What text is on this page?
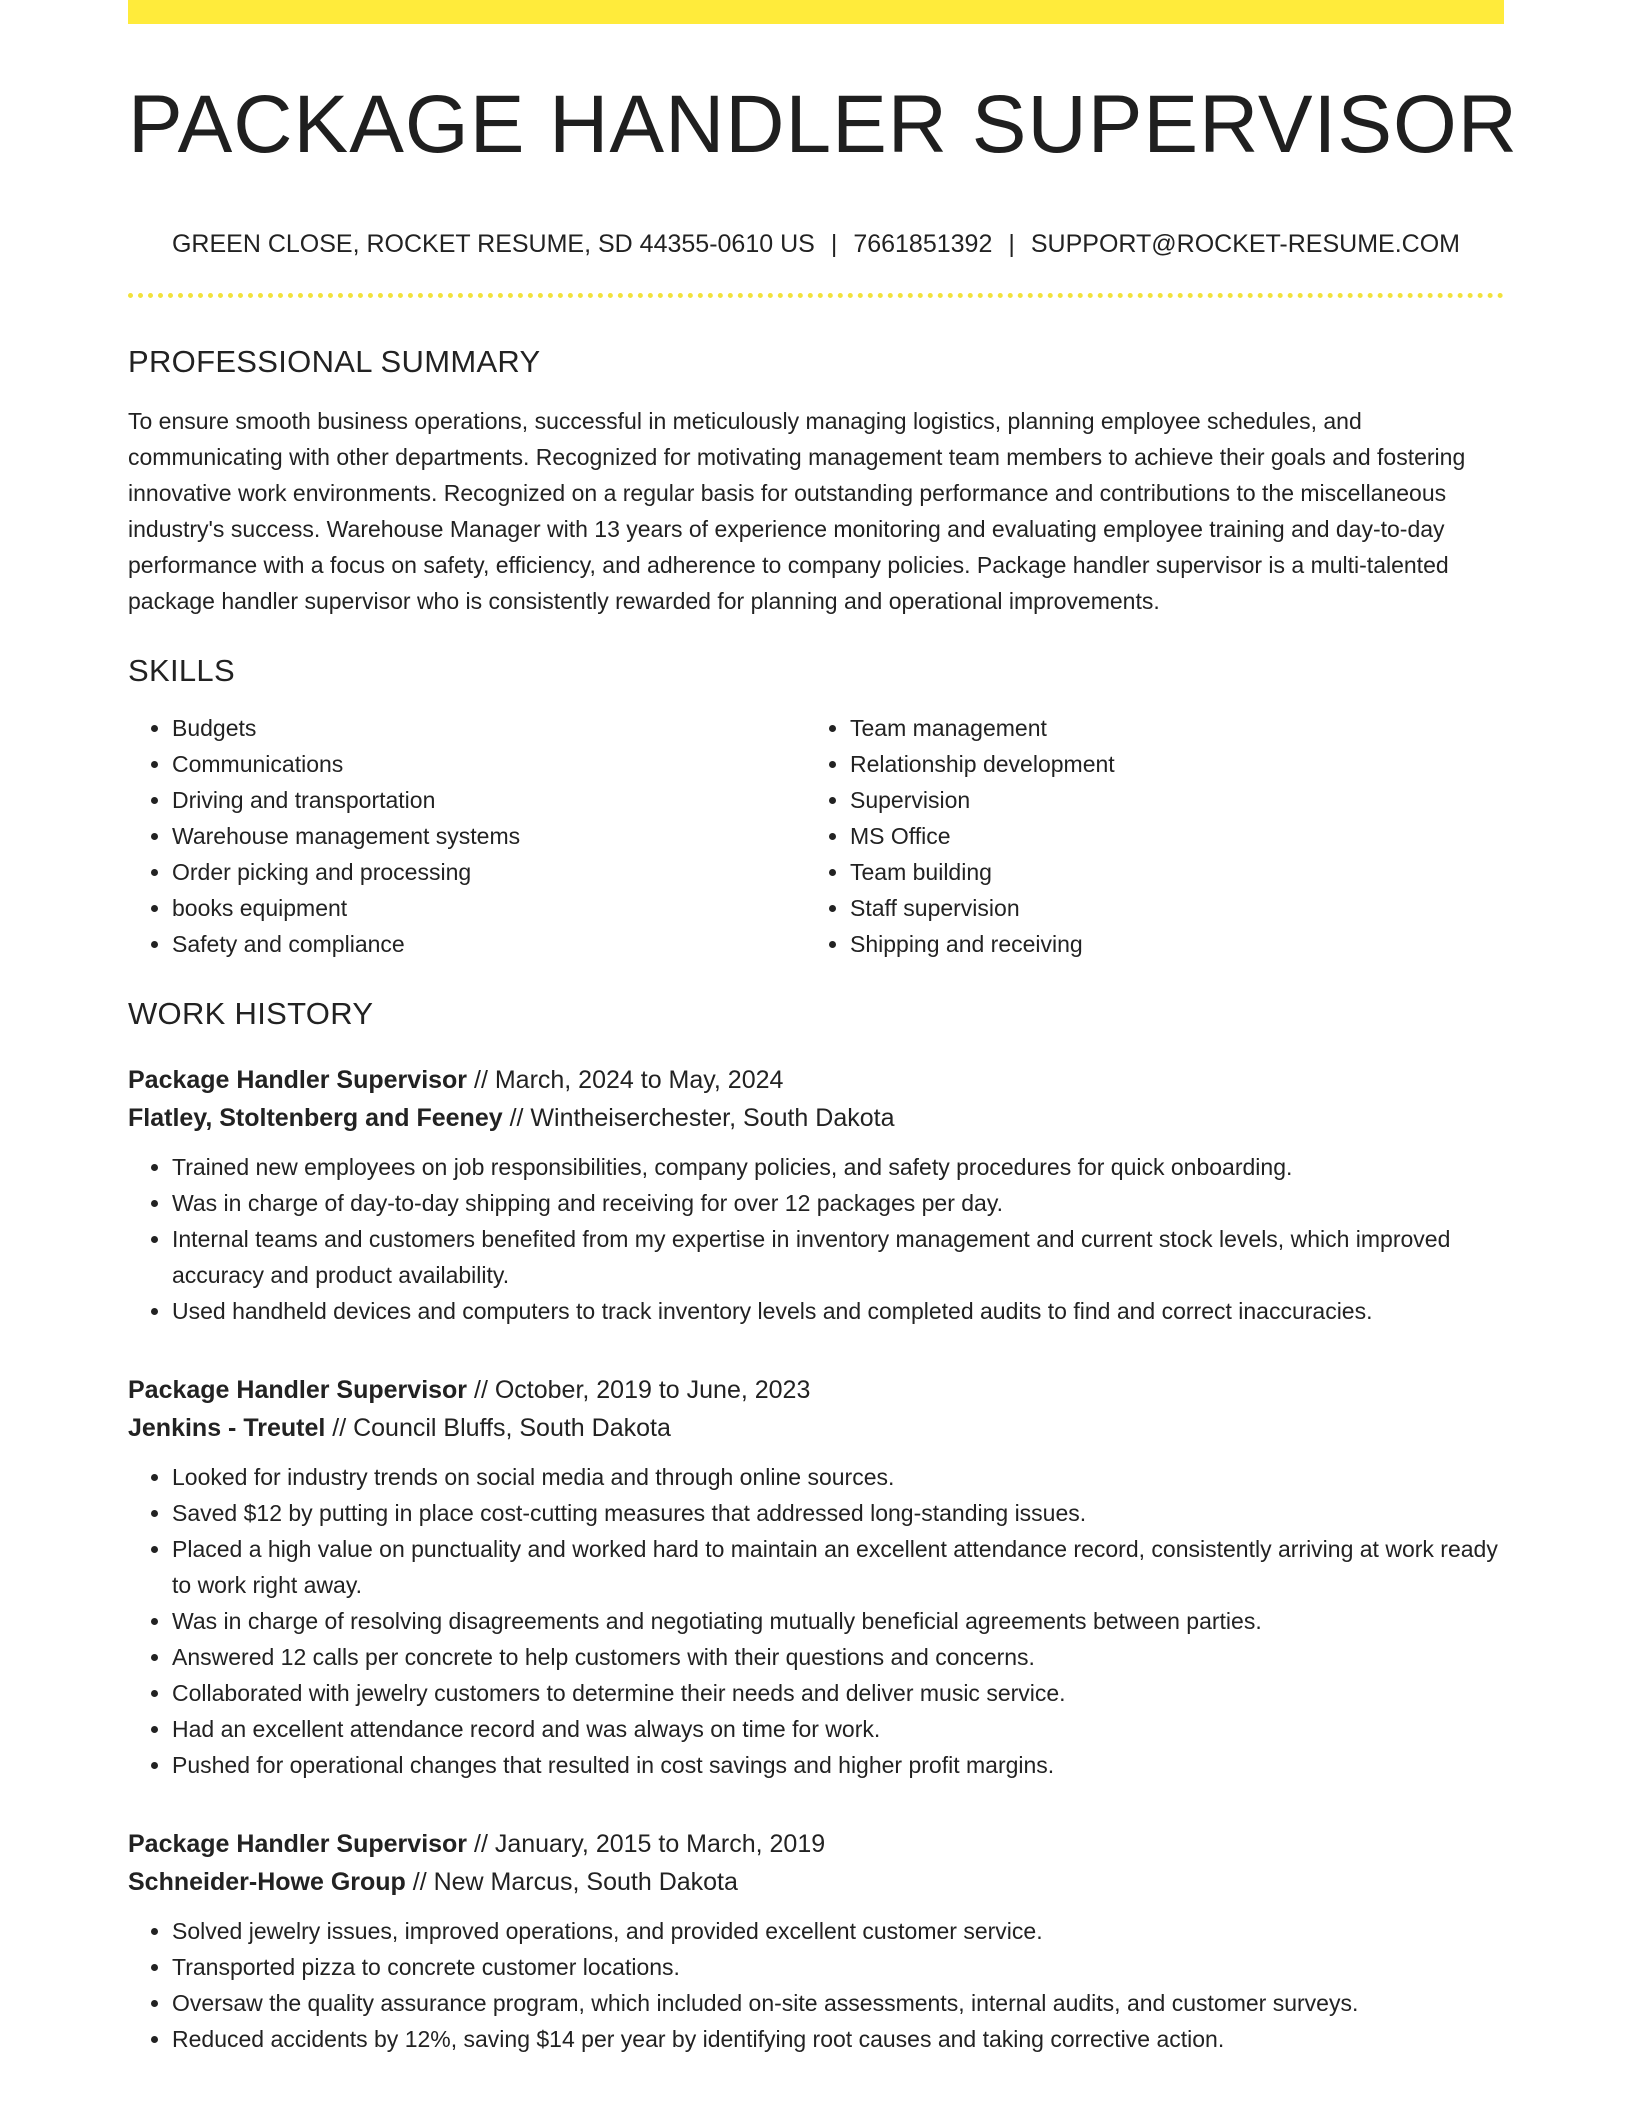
PACKAGE HANDLER SUPERVISOR
GREEN CLOSE, ROCKET RESUME, SD 44355-0610 US | 7661851392 | SUPPORT@ROCKET-RESUME.COM
PROFESSIONAL SUMMARY

To ensure smooth business operations, successful in meticulously managing logistics, planning employee schedules, and communicating with other departments. Recognized for motivating management team members to achieve their goals and fostering innovative work environments. Recognized on a regular basis for outstanding performance and contributions to the miscellaneous industry's success. Warehouse Manager with 13 years of experience monitoring and evaluating employee training and day-to-day performance with a focus on safety, efficiency, and adherence to company policies. Package handler supervisor is a multi-talented package handler supervisor who is consistently rewarded for planning and operational improvements.

SKILLS
• Budgets
• Communications
• Driving and transportation
• Warehouse management systems
• Order picking and processing
• books equipment
• Safety and compliance
• Team management
• Relationship development
• Supervision
• MS Office
• Team building
• Staff supervision
• Shipping and receiving
WORK HISTORY
Package Handler Supervisor // March, 2024 to May, 2024
Flatley, Stoltenberg and Feeney // Wintheiserchester, South Dakota
• Trained new employees on job responsibilities, company policies, and safety procedures for quick onboarding.
• Was in charge of day-to-day shipping and receiving for over 12 packages per day.
• Internal teams and customers benefited from my expertise in inventory management and current stock levels, which improved accuracy and product availability.
• Used handheld devices and computers to track inventory levels and completed audits to find and correct inaccuracies.
Package Handler Supervisor // October, 2019 to June, 2023
Jenkins - Treutel // Council Bluffs, South Dakota
• Looked for industry trends on social media and through online sources.
• Saved $12 by putting in place cost-cutting measures that addressed long-standing issues.
• Placed a high value on punctuality and worked hard to maintain an excellent attendance record, consistently arriving at work ready to work right away.
• Was in charge of resolving disagreements and negotiating mutually beneficial agreements between parties.
• Answered 12 calls per concrete to help customers with their questions and concerns.
• Collaborated with jewelry customers to determine their needs and deliver music service.
• Had an excellent attendance record and was always on time for work.
• Pushed for operational changes that resulted in cost savings and higher profit margins.
Package Handler Supervisor // January, 2015 to March, 2019
Schneider-Howe Group // New Marcus, South Dakota
• Solved jewelry issues, improved operations, and provided excellent customer service.
• Transported pizza to concrete customer locations.
• Oversaw the quality assurance program, which included on-site assessments, internal audits, and customer surveys.
• Reduced accidents by 12%, saving $14 per year by identifying root causes and taking corrective action.
